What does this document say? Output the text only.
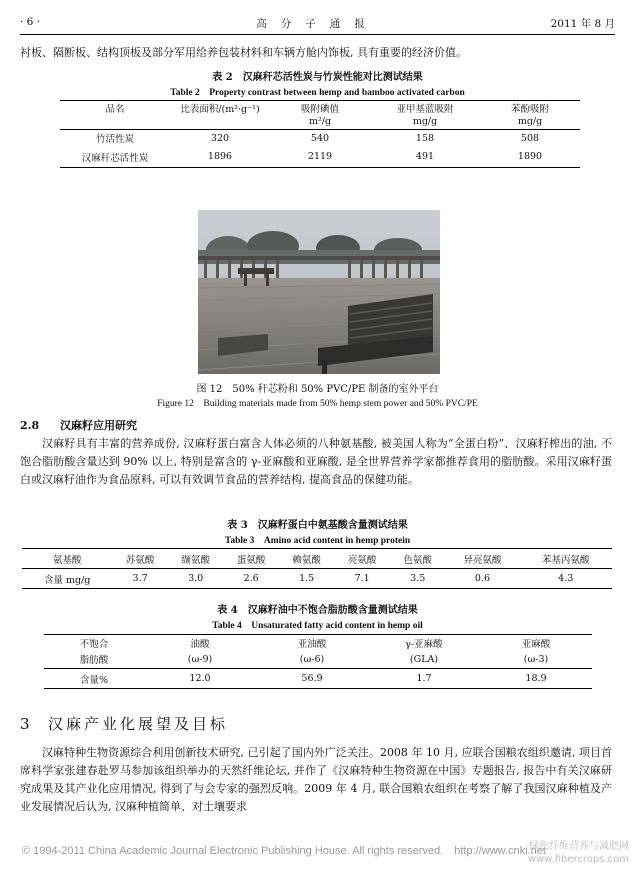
· 6 ·	高分子通报	2011 年 8 月
衬板、隔断板、结构顶板及部分军用给养包装材料和车辆方舱内饰板, 具有重要的经济价值。
表 2　汉麻秆芯活性炭与竹炭性能对比测试结果
Table 2　Property contrast between hemp and bamboo activated carbon
品名	比表面积/(m²·g⁻¹)	吸附碘值	亚甲基蓝吸附	苯酚吸附
		m²/g	mg/g	mg/g
竹活性炭	320	540	158	508
汉麻秆芯活性炭	1896	2119	491	1890
图 12　50% 秆芯粉和 50% PVC/PE 制备的室外平台
Figure 12　Building materials made from 50% hemp stem power and 50% PVC/PE
2.8 汉麻籽应用研究
汉麻籽具有丰富的营养成份, 汉麻籽蛋白富含人体必须的八种氨基酸, 被美国人称为“全蛋白粉”、汉麻籽榨出的油, 不饱合脂肪酸含量达到 90% 以上, 特别是富含的 γ-亚麻酸和亚麻酸, 是全世界营养学家都推荐食用的脂肪酸。采用汉麻籽蛋白或汉麻籽油作为食品原料, 可以有效调节食品的营养结构, 提高食品的保健功能。
表 3　汉麻籽蛋白中氨基酸含量测试结果
Table 3　Amino acid content in hemp protein
氨基酸	苏氨酸	缬氨酸	蛋氨酸	赖氨酸	亮氨酸	色氨酸	异亮氨酸	苯基丙氨酸
含量 mg/g	3.7	3.0	2.6	1.5	7.1	3.5	0.6	4.3
表 4　汉麻籽油中不饱合脂肪酸含量测试结果
Table 4　Unsaturated fatty acid content in hemp oil
不饱合	油酸	亚油酸	γ-亚麻酸	亚麻酸
脂肪酸	(ω-9)	(ω-6)	(GLA)	(ω-3)
含量%	12.0	56.9	1.7	18.9
3 汉麻产业化展望及目标
汉麻特种生物资源综合利用创新技术研究, 已引起了国内外广泛关注。2008 年 10 月, 应联合国粮农组织邀请, 项目首席科学家张建春赴罗马参加该组织举办的天然纤维论坛, 并作了《汉麻特种生物资源在中国》专题报告, 报告中有关汉麻研究成果及其产业化应用情况, 得到了与会专家的强烈反响。2009 年 4 月, 联合国粮农组织在考察了解了我国汉麻种植及产业发展情况后认为, 汉麻种植简单、对土壤要求
© 1994-2011 China Academic Journal Electronic Publishing House. All rights reserved.　http://www.cnki.net
绿色纤维营养与减肥网
www.fibercrops.com
